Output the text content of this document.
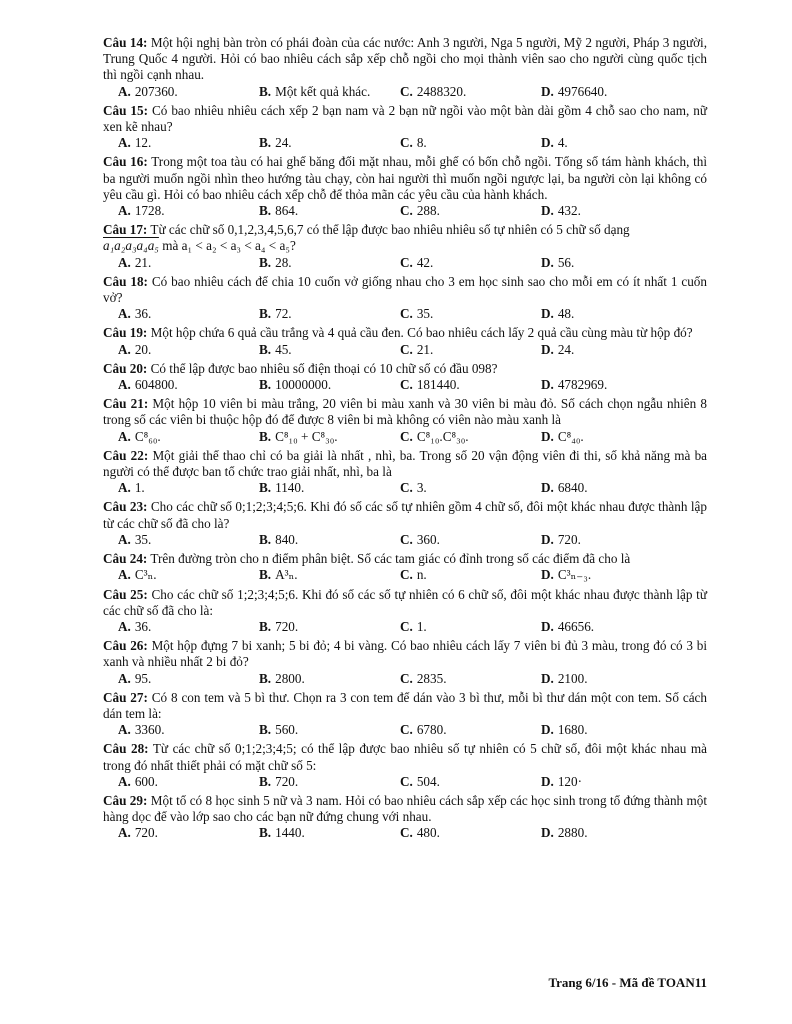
Câu 14: Một hội nghị bàn tròn có phái đoàn của các nước: Anh 3 người, Nga 5 người, Mỹ 2 người, Pháp 3 người, Trung Quốc 4 người. Hỏi có bao nhiêu cách sắp xếp chỗ ngồi cho mọi thành viên sao cho người cùng quốc tịch thì ngồi cạnh nhau.
A. 207360.	B. Một kết quả khác.	C. 2488320.	D. 4976640.
Câu 15: Có bao nhiêu nhiêu cách xếp 2 bạn nam và 2 bạn nữ ngồi vào một bàn dài gồm 4 chỗ sao cho nam, nữ xen kẽ nhau?
A. 12.	B. 24.	C. 8.	D. 4.
Câu 16: Trong một toa tàu có hai ghế băng đối mặt nhau, mỗi ghế có bốn chỗ ngồi. Tổng số tám hành khách, thì ba người muốn ngồi nhìn theo hướng tàu chạy, còn hai người thì muốn ngồi ngược lại, ba người còn lại không có yêu cầu gì. Hỏi có bao nhiêu cách xếp chỗ để thỏa mãn các yêu cầu của hành khách.
A. 1728.	B. 864.	C. 288.	D. 432.
Câu 17: Từ các chữ số 0,1,2,3,4,5,6,7 có thể lập được bao nhiêu nhiêu số tự nhiên có 5 chữ số dạng
a₁a₂a₃a₄a₅ mà a₁ < a₂ < a₃ < a₄ < a₅?
A. 21.	B. 28.	C. 42.	D. 56.
Câu 18: Có bao nhiêu cách để chia 10 cuốn vở giống nhau cho 3 em học sinh sao cho mỗi em có ít nhất 1 cuốn vở?
A. 36.	B. 72.	C. 35.	D. 48.
Câu 19: Một hộp chứa 6 quả cầu trắng và 4 quả cầu đen. Có bao nhiêu cách lấy 2 quả cầu cùng màu từ hộp đó?
A. 20.	B. 45.	C. 21.	D. 24.
Câu 20: Có thể lập được bao nhiêu số điện thoại có 10 chữ số có đầu 098?
A. 604800.	B. 10000000.	C. 181440.	D. 4782969.
Câu 21: Một hộp 10 viên bi màu trắng, 20 viên bi màu xanh và 30 viên bi màu đỏ. Số cách chọn ngẫu nhiên 8 trong số các viên bi thuộc hộp đó để được 8 viên bi mà không có viên nào màu xanh là
A. C⁸₆₀.	B. C⁸₁₀ + C⁸₃₀.	C. C⁸₁₀.C⁸₃₀.	D. C⁸₄₀.
Câu 22: Một giải thể thao chỉ có ba giải là nhất , nhì, ba. Trong số 20 vận động viên đi thi, số khả năng mà ba người có thể được ban tổ chức trao giải nhất, nhì, ba là
A. 1.	B. 1140.	C. 3.	D. 6840.
Câu 23: Cho các chữ số 0;1;2;3;4;5;6. Khi đó số các số tự nhiên gồm 4 chữ số, đôi một khác nhau được thành lập từ các chữ số đã cho là?
A. 35.	B. 840.	C. 360.	D. 720.
Câu 24: Trên đường tròn cho n điểm phân biệt. Số các tam giác có đỉnh trong số các điểm đã cho là
A. C³ₙ.	B. A³ₙ.	C. n.	D. C³ₙ₋₃.
Câu 25: Cho các chữ số 1;2;3;4;5;6. Khi đó số các số tự nhiên có 6 chữ số, đôi một khác nhau được thành lập từ các chữ số đã cho là:
A. 36.	B. 720.	C. 1.	D. 46656.
Câu 26: Một hộp đựng 7 bi xanh; 5 bi đỏ; 4 bi vàng. Có bao nhiêu cách lấy 7 viên bi đủ 3 màu, trong đó có 3 bi xanh và nhiều nhất 2 bi đỏ?
A. 95.	B. 2800.	C. 2835.	D. 2100.
Câu 27: Có 8 con tem và 5 bì thư. Chọn ra 3 con tem để dán vào 3 bì thư, mỗi bì thư dán một con tem. Số cách dán tem là:
A. 3360.	B. 560.	C. 6780.	D. 1680.
Câu 28: Từ các chữ số 0;1;2;3;4;5; có thể lập được bao nhiêu số tự nhiên có 5 chữ số, đôi một khác nhau mà trong đó nhất thiết phải có mặt chữ số 5:
A. 600.	B. 720.	C. 504.	D. 120·
Câu 29: Một tổ có 8 học sinh 5 nữ và 3 nam. Hỏi có bao nhiêu cách sắp xếp các học sinh trong tổ đứng thành một hàng dọc để vào lớp sao cho các bạn nữ đứng chung với nhau.
A. 720.	B. 1440.	C. 480.	D. 2880.
Trang 6/16 - Mã đề TOAN11
